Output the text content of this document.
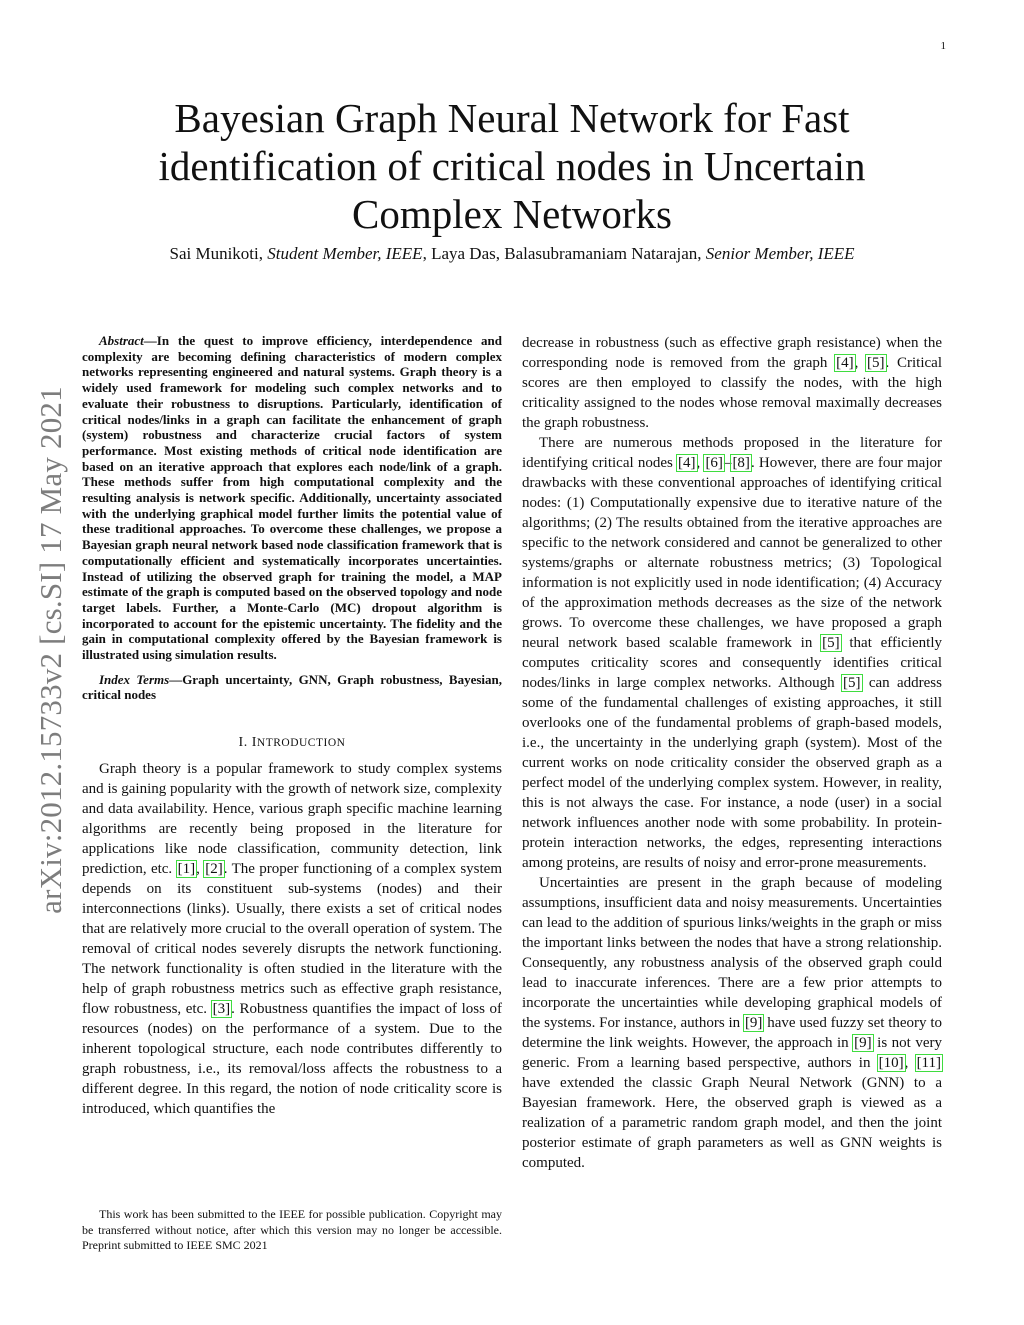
1
arXiv:2012.15733v2 [cs.SI] 17 May 2021
Bayesian Graph Neural Network for Fast identification of critical nodes in Uncertain Complex Networks
Sai Munikoti, Student Member, IEEE, Laya Das, Balasubramaniam Natarajan, Senior Member, IEEE

Abstract—In the quest to improve efficiency, interdependence and complexity are becoming defining characteristics of modern complex networks representing engineered and natural systems. Graph theory is a widely used framework for modeling such complex networks and to evaluate their robustness to disruptions. Particularly, identification of critical nodes/links in a graph can facilitate the enhancement of graph (system) robustness and characterize crucial factors of system performance. Most existing methods of critical node identification are based on an iterative approach that explores each node/link of a graph. These methods suffer from high computational complexity and the resulting analysis is network specific. Additionally, uncertainty associated with the underlying graphical model further limits the potential value of these traditional approaches. To overcome these challenges, we propose a Bayesian graph neural network based node classification framework that is computationally efficient and systematically incorporates uncertainties. Instead of utilizing the observed graph for training the model, a MAP estimate of the graph is computed based on the observed topology and node target labels. Further, a Monte-Carlo (MC) dropout algorithm is incorporated to account for the epistemic uncertainty. The fidelity and the gain in computational complexity offered by the Bayesian framework is illustrated using simulation results.

Index Terms—Graph uncertainty, GNN, Graph robustness, Bayesian, critical nodes

I. INTRODUCTION

Graph theory is a popular framework to study complex systems and is gaining popularity with the growth of network size, complexity and data availability. Hence, various graph specific machine learning algorithms are recently being proposed in the literature for applications like node classification, community detection, link prediction, etc. [1], [2]. The proper functioning of a complex system depends on its constituent sub-systems (nodes) and their interconnections (links). Usually, there exists a set of critical nodes that are relatively more crucial to the overall operation of system. The removal of critical nodes severely disrupts the network functioning. The network functionality is often studied in the literature with the help of graph robustness metrics such as effective graph resistance, flow robustness, etc. [3]. Robustness quantifies the impact of loss of resources (nodes) on the performance of a system. Due to the inherent topological structure, each node contributes differently to graph robustness, i.e., its removal/loss affects the robustness to a different degree. In this regard, the notion of node criticality score is introduced, which quantifies the

This work has been submitted to the IEEE for possible publication. Copyright may be transferred without notice, after which this version may no longer be accessible. Preprint submitted to IEEE SMC 2021

decrease in robustness (such as effective graph resistance) when the corresponding node is removed from the graph [4], [5]. Critical scores are then employed to classify the nodes, with the high criticality assigned to the nodes whose removal maximally decreases the graph robustness.

There are numerous methods proposed in the literature for identifying critical nodes [4], [6]–[8]. However, there are four major drawbacks with these conventional approaches of identifying critical nodes: (1) Computationally expensive due to iterative nature of the algorithms; (2) The results obtained from the iterative approaches are specific to the network considered and cannot be generalized to other systems/graphs or alternate robustness metrics; (3) Topological information is not explicitly used in node identification; (4) Accuracy of the approximation methods decreases as the size of the network grows. To overcome these challenges, we have proposed a graph neural network based scalable framework in [5] that efficiently computes criticality scores and consequently identifies critical nodes/links in large complex networks. Although [5] can address some of the fundamental challenges of existing approaches, it still overlooks one of the fundamental problems of graph-based models, i.e., the uncertainty in the underlying graph (system). Most of the current works on node criticality consider the observed graph as a perfect model of the underlying complex system. However, in reality, this is not always the case. For instance, a node (user) in a social network influences another node with some probability. In protein-protein interaction networks, the edges, representing interactions among proteins, are results of noisy and error-prone measurements.

Uncertainties are present in the graph because of modeling assumptions, insufficient data and noisy measurements. Uncertainties can lead to the addition of spurious links/weights in the graph or miss the important links between the nodes that have a strong relationship. Consequently, any robustness analysis of the observed graph could lead to inaccurate inferences. There are a few prior attempts to incorporate the uncertainties while developing graphical models of the systems. For instance, authors in [9] have used fuzzy set theory to determine the link weights. However, the approach in [9] is not very generic. From a learning based perspective, authors in [10], [11] have extended the classic Graph Neural Network (GNN) to a Bayesian framework. Here, the observed graph is viewed as a realization of a parametric random graph model, and then the joint posterior estimate of graph parameters as well as GNN weights is computed.
